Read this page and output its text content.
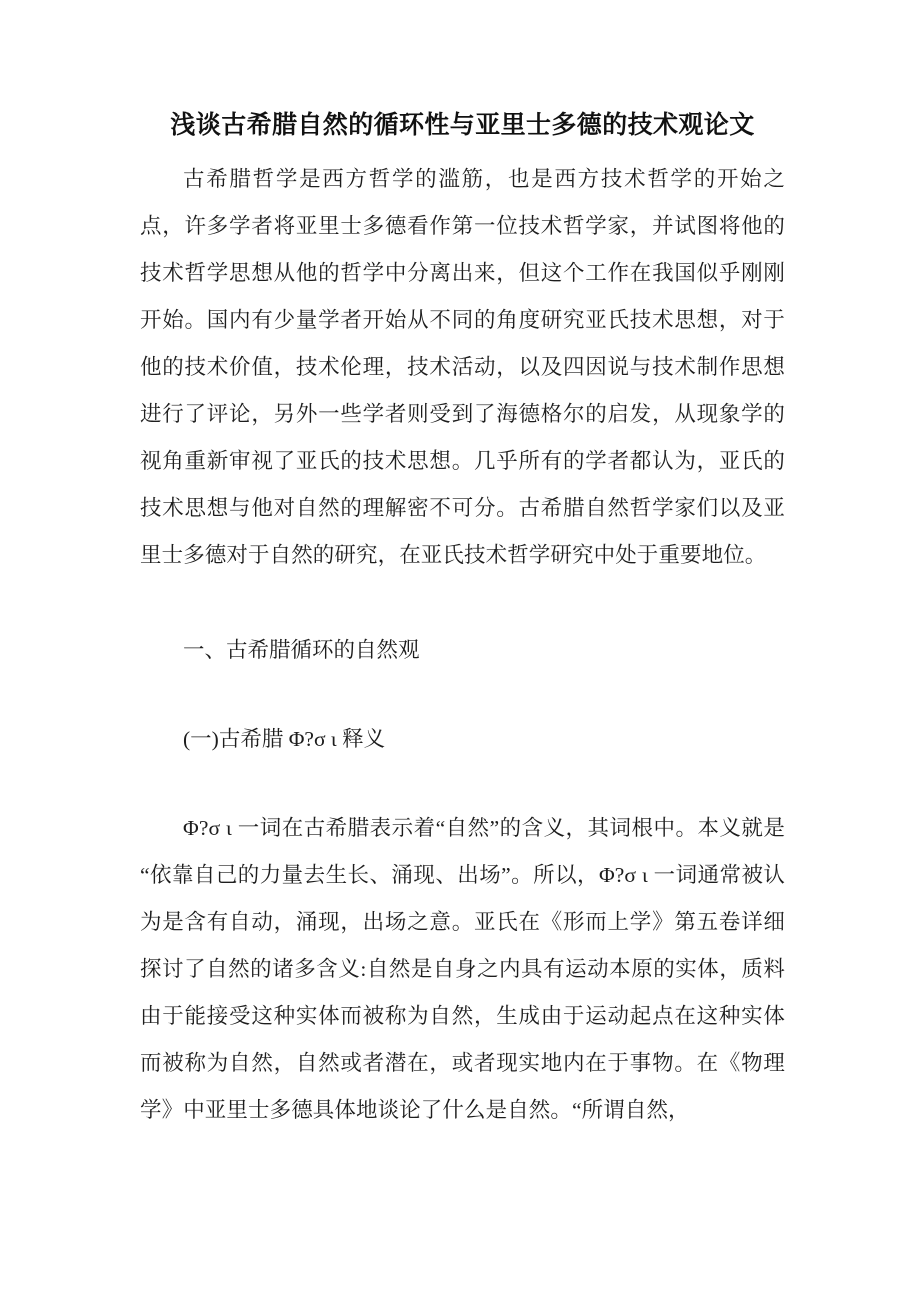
浅谈古希腊自然的循环性与亚里士多德的技术观论文

古希腊哲学是西方哲学的滥筋，也是西方技术哲学的开始之点，许多学者将亚里士多德看作第一位技术哲学家，并试图将他的技术哲学思想从他的哲学中分离出来，但这个工作在我国似乎刚刚开始。国内有少量学者开始从不同的角度研究亚氏技术思想，对于他的技术价值，技术伦理，技术活动，以及四因说与技术制作思想进行了评论，另外一些学者则受到了海德格尔的启发，从现象学的视角重新审视了亚氏的技术思想。几乎所有的学者都认为，亚氏的技术思想与他对自然的理解密不可分。古希腊自然哲学家们以及亚里士多德对于自然的研究，在亚氏技术哲学研究中处于重要地位。

一、古希腊循环的自然观
(一)古希腊 Φ?σ ι 释义

Φ?σ ι 一词在古希腊表示着“自然”的含义，其词根中。本义就是“依靠自己的力量去生长、涌现、出场”。所以，Φ?σ ι 一词通常被认为是含有自动，涌现，出场之意。亚氏在《形而上学》第五卷详细探讨了自然的诸多含义:自然是自身之内具有运动本原的实体，质料由于能接受这种实体而被称为自然，生成由于运动起点在这种实体而被称为自然，自然或者潜在，或者现实地内在于事物。在《物理学》中亚里士多德具体地谈论了什么是自然。“所谓自然，
